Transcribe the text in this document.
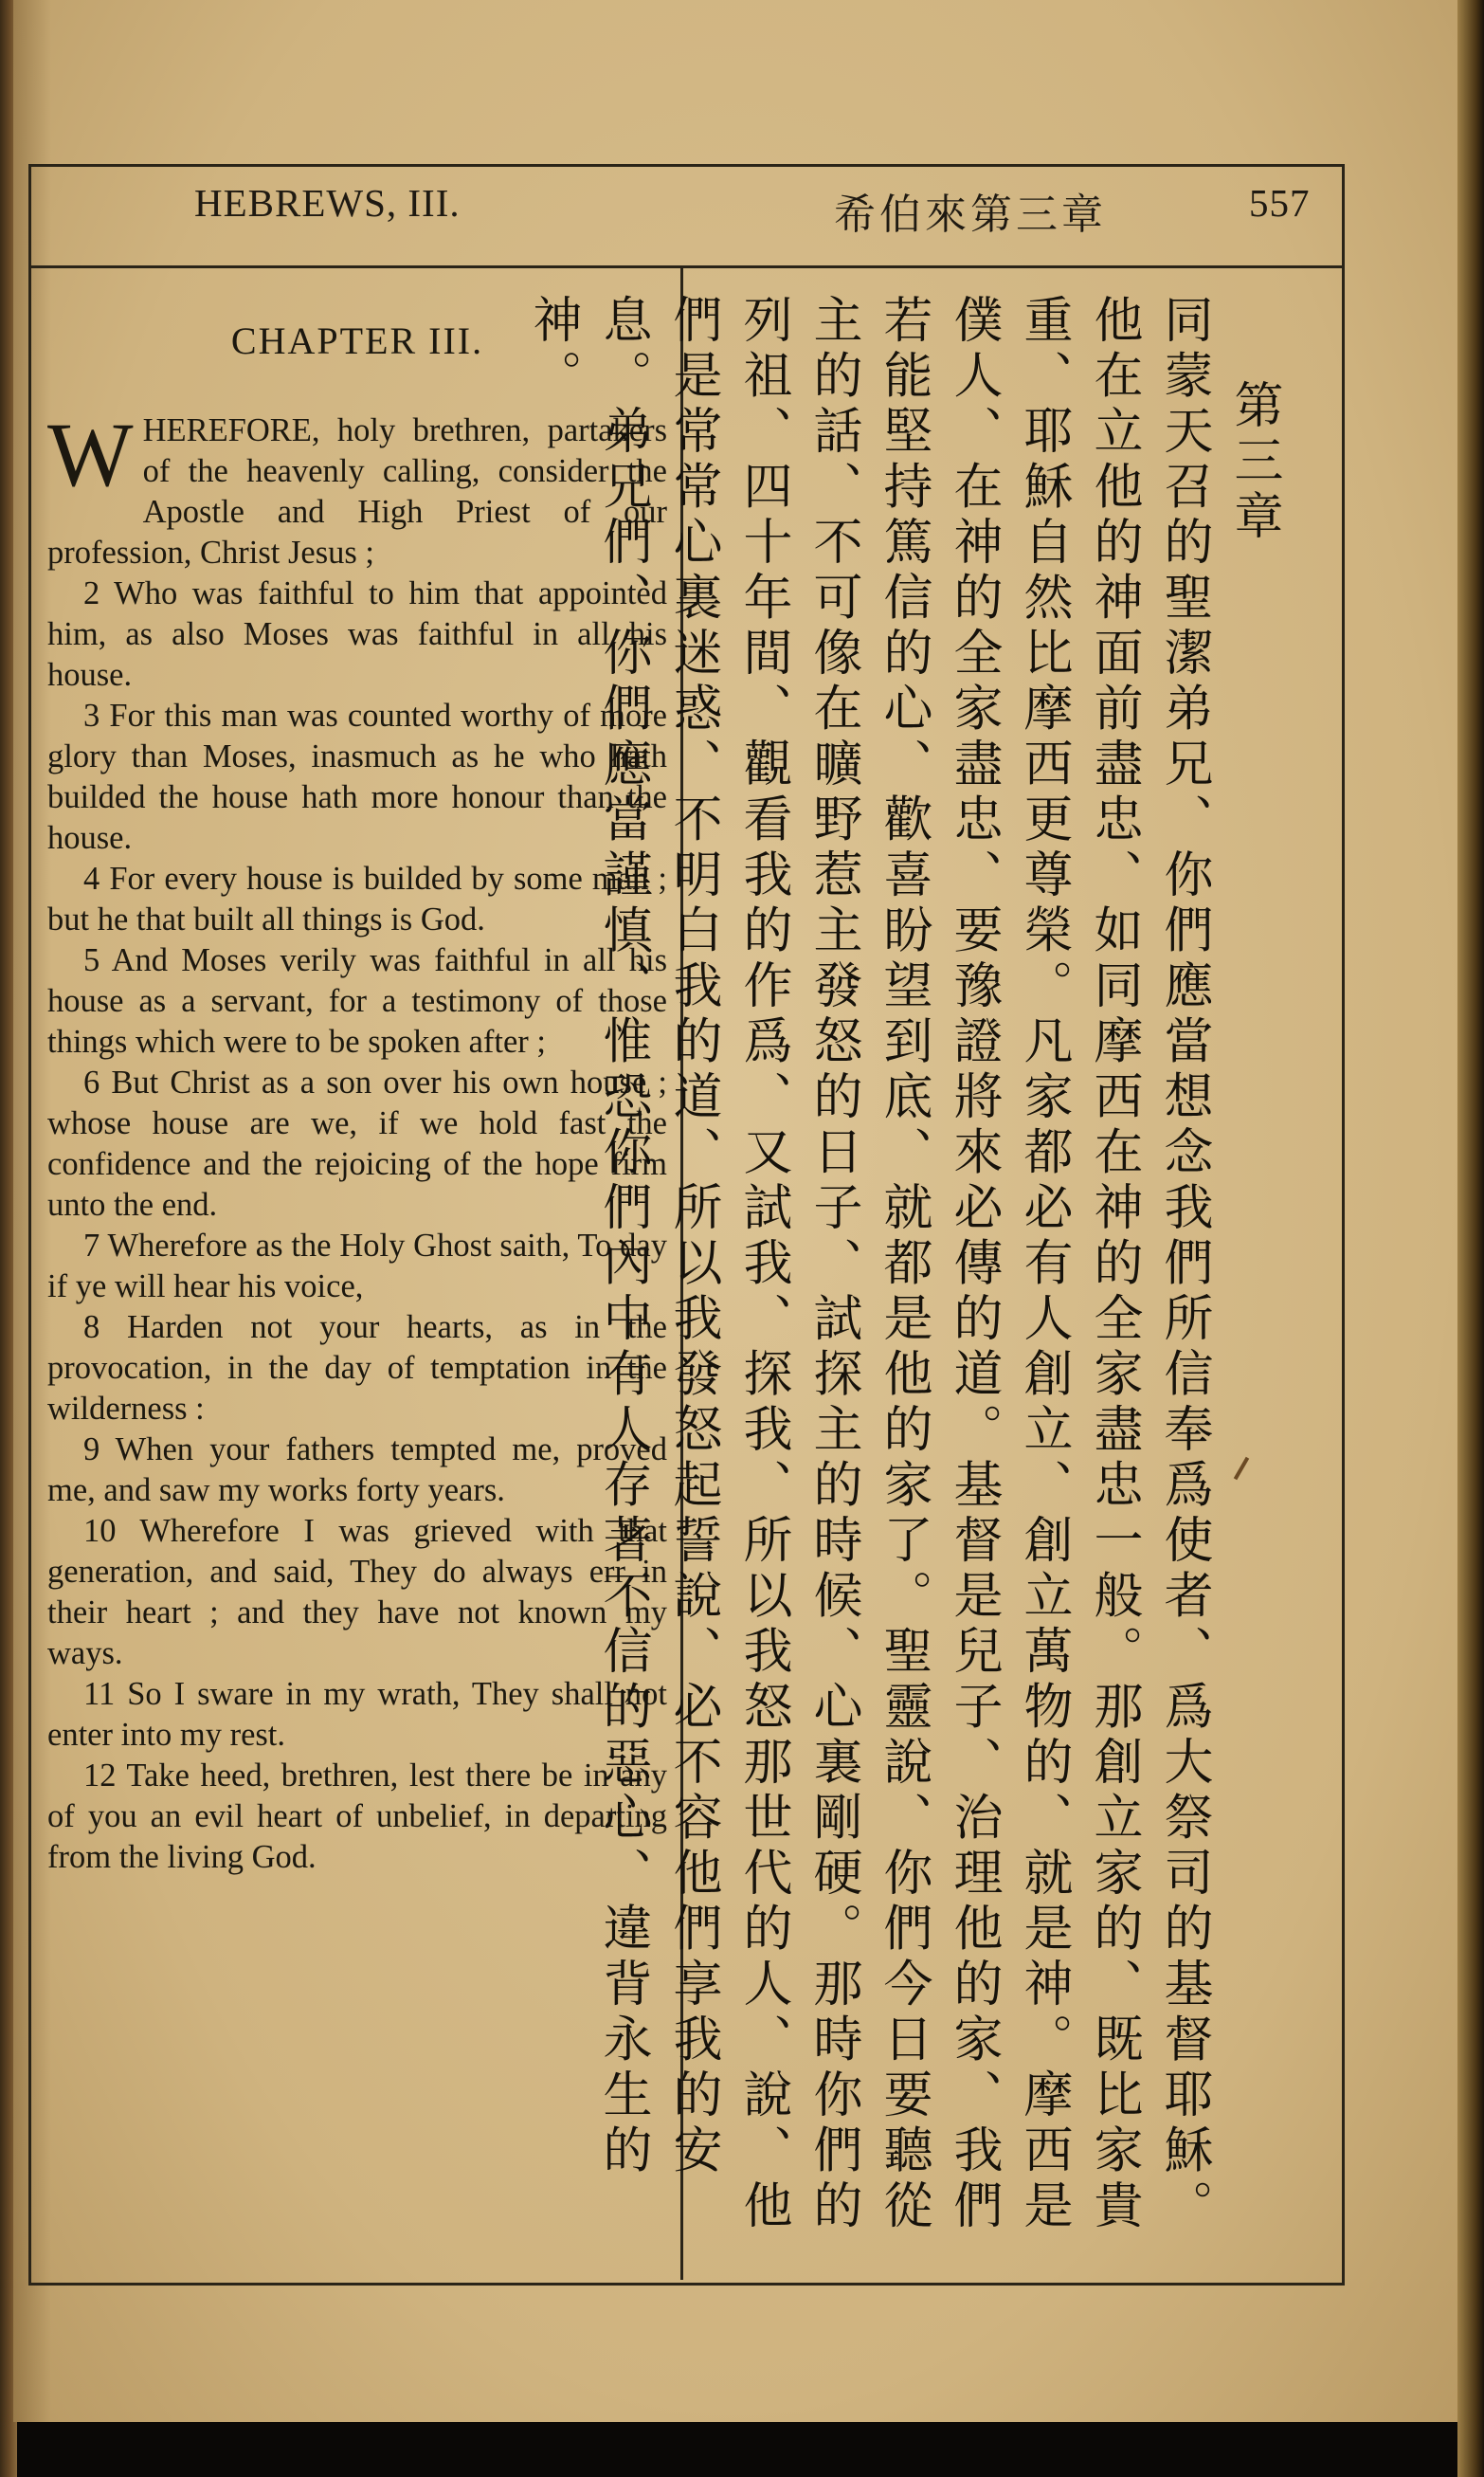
HEBREWS, III.	希伯來第三章	557
CHAPTER III.

WHEREFORE, holy brethren, partakers of the heavenly calling, consider the Apostle and High Priest of our profession, Christ Jesus ;

2 Who was faithful to him that appointed him, as also Moses was faithful in all his house.

3 For this man was counted worthy of more glory than Moses, inasmuch as he who hath builded the house hath more honour than the house.

4 For every house is builded by some man ; but he that built all things is God.

5 And Moses verily was faithful in all his house as a servant, for a testimony of those things which were to be spoken after ;

6 But Christ as a son over his own house ; whose house are we, if we hold fast the confidence and the rejoicing of the hope firm unto the end.

7 Wherefore as the Holy Ghost saith, To day if ye will hear his voice,

8 Harden not your hearts, as in the provocation, in the day of temptation in the wilderness :

9 When your fathers tempted me, proved me, and saw my works forty years.

10 Wherefore I was grieved with that generation, and said, They do always err in their heart ; and they have not known my ways.

11 So I sware in my wrath, They shall not enter into my rest.

12 Take heed, brethren, lest there be in any of you an evil heart of unbelief, in departing from the living God.

第三章

同蒙天召的聖潔弟兄、你們應當想念我們所信奉爲使者、爲大祭司的基督耶穌。他在立他的神面前盡忠、如同摩西在神的全家盡忠一般。那創立家的、既比家貴重、耶穌自然比摩西更尊榮。凡家都必有人創立、創立萬物的、就是神。摩西是僕人、在神的全家盡忠、要豫證將來必傳的道。基督是兒子、治理他的家、我們若能堅持篤信的心、歡喜盼望到底、就都是他的家了。聖靈說、你們今日要聽從主的話、不可像在曠野惹主發怒的日子、試探主的時候、心裏剛硬。那時你們的列祖、四十年間、觀看我的作爲、又試我、探我、所以我怒那世代的人、說、他們是常常心裏迷惑、不明白我的道、所以我發怒起誓說、必不容他們享我的安息。弟兄們、你們應當謹慎、惟恐你們內中有人存著不信的惡心、違背永生的神。
